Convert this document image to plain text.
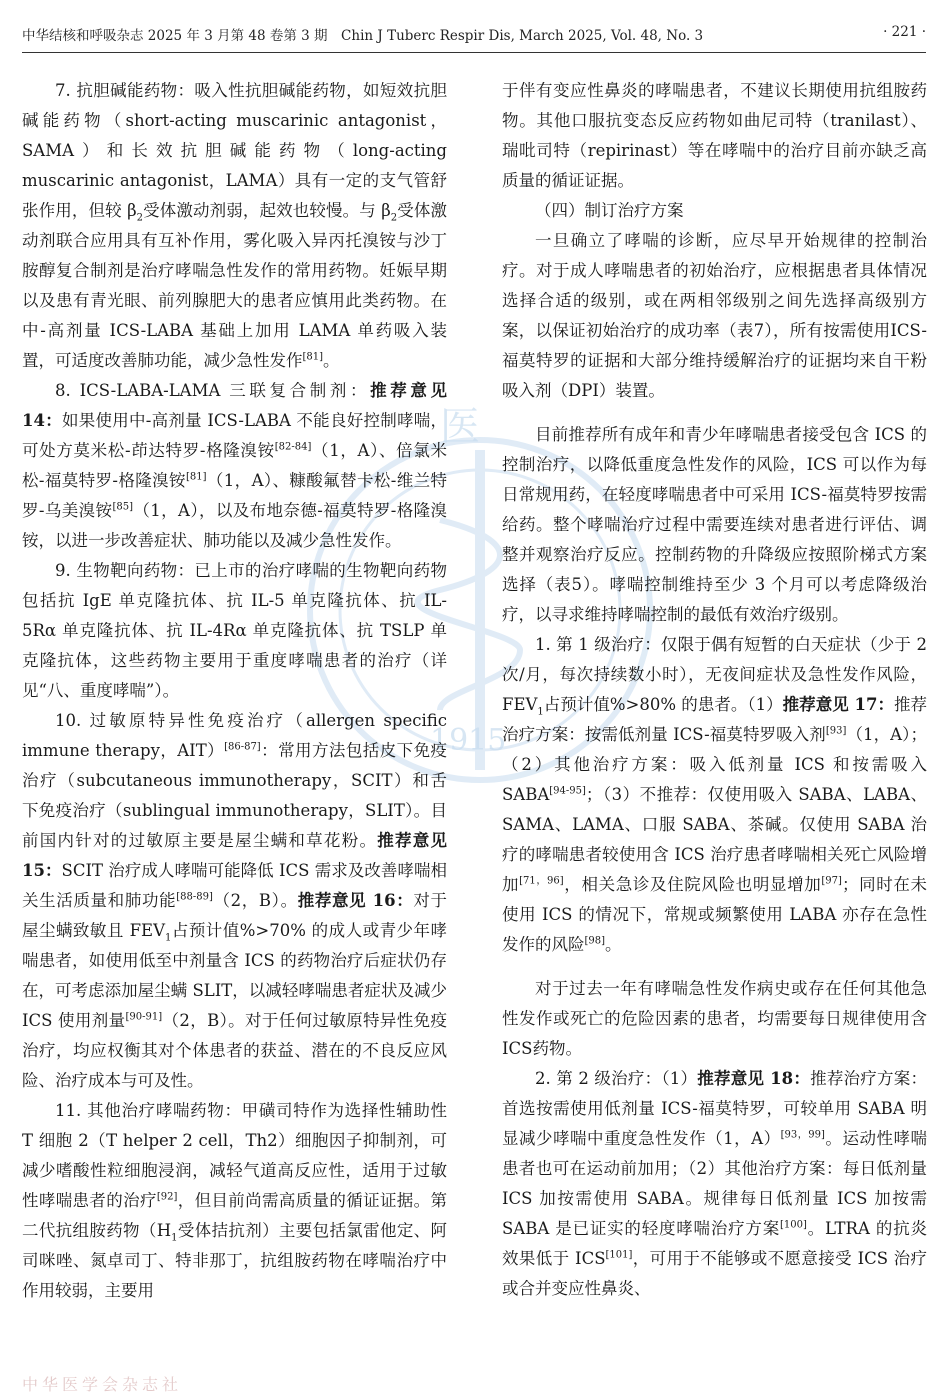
中华结核和呼吸杂志 2025 年 3 月第 48 卷第 3 期　Chin J Tuberc Respir Dis, March 2025, Vol. 48, No. 3	· 221 ·
医
1915

7. 抗胆碱能药物：吸入性抗胆碱能药物，如短效抗胆碱能药物（short-acting muscarinic antagonist，SAMA）和长效抗胆碱能药物（long-acting muscarinic antagonist，LAMA）具有一定的支气管舒张作用，但较 $\beta_2$受体激动剂弱，起效也较慢。与 $\beta_2$受体激动剂联合应用具有互补作用，雾化吸入异丙托溴铵与沙丁胺醇复合制剂是治疗哮喘急性发作的常用药物。妊娠早期以及患有青光眼、前列腺肥大的患者应慎用此类药物。在中-高剂量 ICS-LABA 基础上加用 LAMA 单药吸入装置，可适度改善肺功能，减少急性发作[81]。

8. ICS-LABA-LAMA 三联复合制剂：推荐意见 14：如果使用中-高剂量 ICS-LABA 不能良好控制哮喘，可处方莫米松-茚达特罗-格隆溴铵[82-84]（1，A）、倍氯米松-福莫特罗-格隆溴铵[81]（1，A）、糠酸氟替卡松-维兰特罗-乌美溴铵[85]（1，A），以及布地奈德-福莫特罗-格隆溴铵，以进一步改善症状、肺功能以及减少急性发作。

9. 生物靶向药物：已上市的治疗哮喘的生物靶向药物包括抗 IgE 单克隆抗体、抗 IL-5 单克隆抗体、抗 IL-5Rα 单克隆抗体、抗 IL-4Rα 单克隆抗体、抗 TSLP 单克隆抗体，这些药物主要用于重度哮喘患者的治疗（详见“八、重度哮喘”）。

10. 过敏原特异性免疫治疗（allergen specific immune therapy，AIT）[86-87]：常用方法包括皮下免疫治疗（subcutaneous immunotherapy，SCIT）和舌下免疫治疗（sublingual immunotherapy，SLIT）。目前国内针对的过敏原主要是屋尘螨和草花粉。推荐意见 15：SCIT 治疗成人哮喘可能降低 ICS 需求及改善哮喘相关生活质量和肺功能[88-89]（2，B）。推荐意见 16：对于屋尘螨致敏且 $FEV_1$占预计值%>70% 的成人或青少年哮喘患者，如使用低至中剂量含 ICS 的药物治疗后症状仍存在，可考虑添加屋尘螨 SLIT，以减轻哮喘患者症状及减少 ICS 使用剂量[90-91]（2，B）。对于任何过敏原特异性免疫治疗，均应权衡其对个体患者的获益、潜在的不良反应风险、治疗成本与可及性。

11. 其他治疗哮喘药物：甲磺司特作为选择性辅助性 T 细胞 2（T helper 2 cell，Th2）细胞因子抑制剂，可减少嗜酸性粒细胞浸润，减轻气道高反应性，适用于过敏性哮喘患者的治疗[92]，但目前尚需高质量的循证证据。第二代抗组胺药物（$H_1$受体拮抗剂）主要包括氯雷他定、阿司咪唑、氮卓司丁、特非那丁，抗组胺药物在哮喘治疗中作用较弱，主要用

于伴有变应性鼻炎的哮喘患者，不建议长期使用抗组胺药物。其他口服抗变态反应药物如曲尼司特（tranilast）、瑞吡司特（repirinast）等在哮喘中的治疗目前亦缺乏高质量的循证证据。

（四）制订治疗方案

一旦确立了哮喘的诊断，应尽早开始规律的控制治疗。对于成人哮喘患者的初始治疗，应根据患者具体情况选择合适的级别，或在两相邻级别之间先选择高级别方案，以保证初始治疗的成功率（表7），所有按需使用ICS-福莫特罗的证据和大部分维持缓解治疗的证据均来自干粉吸入剂（DPI）装置。

目前推荐所有成年和青少年哮喘患者接受包含 ICS 的控制治疗，以降低重度急性发作的风险，ICS 可以作为每日常规用药，在轻度哮喘患者中可采用 ICS-福莫特罗按需给药。整个哮喘治疗过程中需要连续对患者进行评估、调整并观察治疗反应。控制药物的升降级应按照阶梯式方案选择（表5）。哮喘控制维持至少 3 个月可以考虑降级治疗，以寻求维持哮喘控制的最低有效治疗级别。

1. 第 1 级治疗：仅限于偶有短暂的白天症状（少于 2 次/月，每次持续数小时），无夜间症状及急性发作风险，$FEV_1$占预计值%>80% 的患者。（1）推荐意见 17：推荐治疗方案：按需低剂量 ICS-福莫特罗吸入剂[93]（1，A）；（2）其他治疗方案：吸入低剂量 ICS 和按需吸入 SABA[94-95]；（3）不推荐：仅使用吸入 SABA、LABA、SAMA、LAMA、口服 SABA、茶碱。仅使用 SABA 治疗的哮喘患者较使用含 ICS 治疗患者哮喘相关死亡风险增加[71，96]，相关急诊及住院风险也明显增加[97]；同时在未使用 ICS 的情况下，常规或频繁使用 LABA 亦存在急性发作的风险[98]。

对于过去一年有哮喘急性发作病史或存在任何其他急性发作或死亡的危险因素的患者，均需要每日规律使用含ICS药物。

2. 第 2 级治疗：（1）推荐意见 18：推荐治疗方案：首选按需使用低剂量 ICS-福莫特罗，可较单用 SABA 明显减少哮喘中重度急性发作（1，A）[93，99]。运动性哮喘患者也可在运动前加用；（2）其他治疗方案：每日低剂量 ICS 加按需使用 SABA。规律每日低剂量 ICS 加按需 SABA 是已证实的轻度哮喘治疗方案[100]。LTRA 的抗炎效果低于 ICS[101]，可用于不能够或不愿意接受 ICS 治疗或合并变应性鼻炎、

中华医学会杂志社
